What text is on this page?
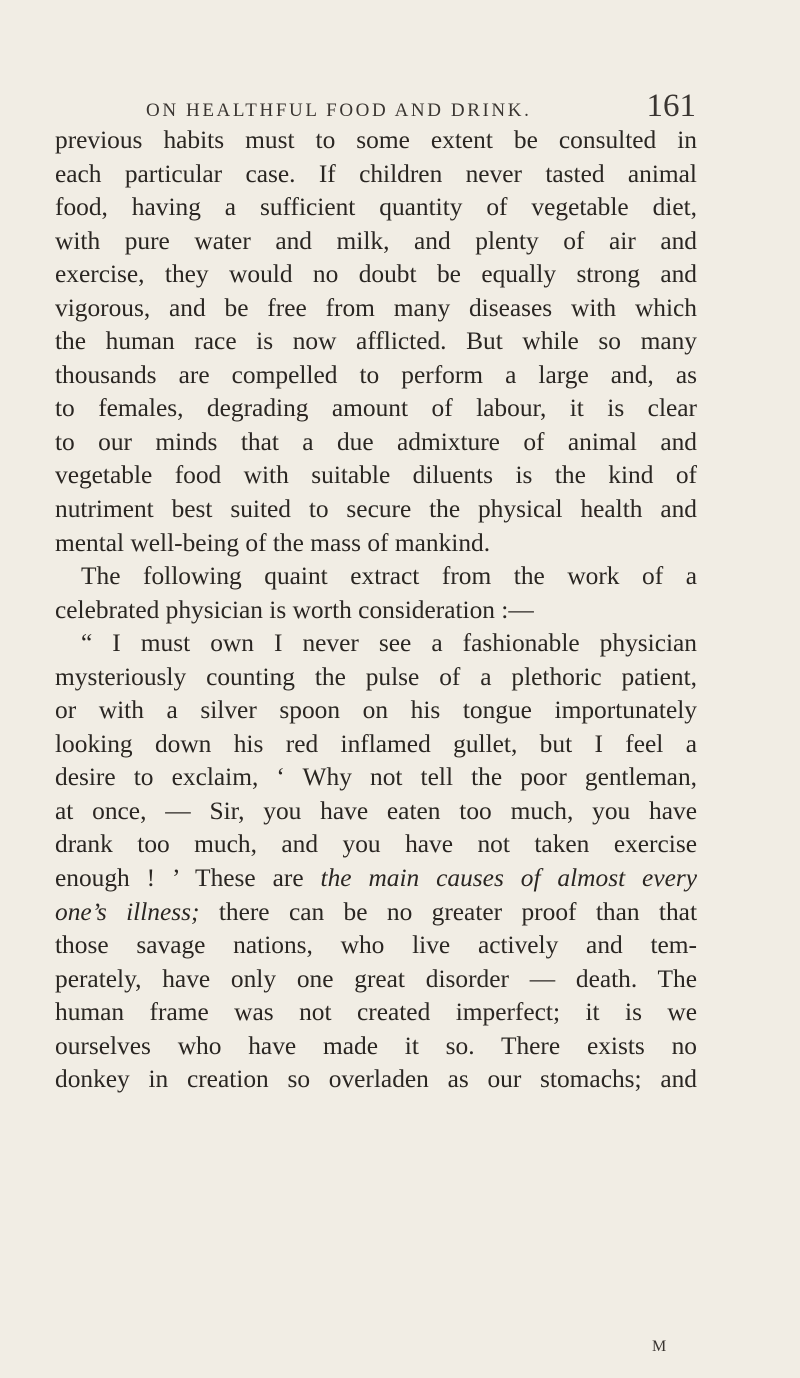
ON HEALTHFUL FOOD AND DRINK.	161
previous habits must to some extent be consulted in
each particular case. If children never tasted animal
food, having a sufficient quantity of vegetable diet,
with pure water and milk, and plenty of air and
exercise, they would no doubt be equally strong and
vigorous, and be free from many diseases with which
the human race is now afflicted. But while so many
thousands are compelled to perform a large and, as
to females, degrading amount of labour, it is clear
to our minds that a due admixture of animal and
vegetable food with suitable diluents is the kind of
nutriment best suited to secure the physical health and
mental well-being of the mass of mankind.
The following quaint extract from the work of a
celebrated physician is worth consideration :—
“ I must own I never see a fashionable physician
mysteriously counting the pulse of a plethoric patient,
or with a silver spoon on his tongue importunately
looking down his red inflamed gullet, but I feel a
desire to exclaim, ‘ Why not tell the poor gentleman,
at once, — Sir, you have eaten too much, you have
drank too much, and you have not taken exercise
enough ! ’ These are the main causes of almost every
one’s illness; there can be no greater proof than that
those savage nations, who live actively and tem-
perately, have only one great disorder — death. The
human frame was not created imperfect; it is we
ourselves who have made it so. There exists no
donkey in creation so overladen as our stomachs; and
M
